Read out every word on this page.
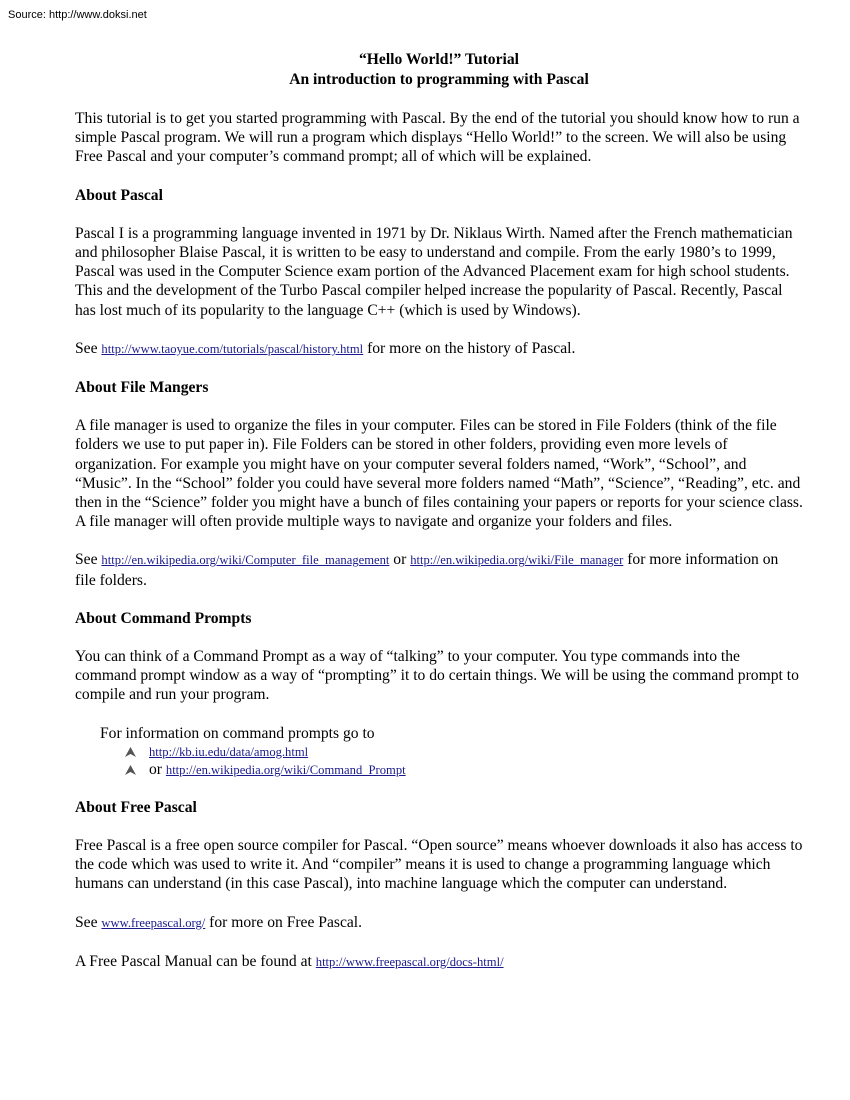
Source: http://www.doksi.net

“Hello World!” Tutorial

An introduction to programming with Pascal

This tutorial is to get you started programming with Pascal. By the end of the tutorial you should know how to run a simple Pascal program. We will run a program which displays “Hello World!” to the screen. We will also be using Free Pascal and your computer’s command prompt; all of which will be explained.

About Pascal

Pascal I is a programming language invented in 1971 by Dr. Niklaus Wirth. Named after the French mathematician and philosopher Blaise Pascal, it is written to be easy to understand and compile. From the early 1980’s to 1999, Pascal was used in the Computer Science exam portion of the Advanced Placement exam for high school students. This and the development of the Turbo Pascal compiler helped increase the popularity of Pascal. Recently, Pascal has lost much of its popularity to the language C++ (which is used by Windows).

See http://www.taoyue.com/tutorials/pascal/history.html for more on the history of Pascal.

About File Mangers

A file manager is used to organize the files in your computer. Files can be stored in File Folders (think of the file folders we use to put paper in). File Folders can be stored in other folders, providing even more levels of organization. For example you might have on your computer several folders named, “Work”, “School”, and “Music”. In the “School” folder you could have several more folders named “Math”, “Science”, “Reading”, etc. and then in the “Science” folder you might have a bunch of files containing your papers or reports for your science class. A file manager will often provide multiple ways to navigate and organize your folders and files.

See http://en.wikipedia.org/wiki/Computer_file_management or http://en.wikipedia.org/wiki/File_manager for more information on file folders.

About Command Prompts

You can think of a Command Prompt as a way of “talking” to your computer. You type commands into the command prompt window as a way of “prompting” it to do certain things. We will be using the command prompt to compile and run your program.

For information on command prompts go to

http://kb.iu.edu/data/amog.html
or http://en.wikipedia.org/wiki/Command_Prompt
About Free Pascal

Free Pascal is a free open source compiler for Pascal. “Open source” means whoever downloads it also has access to the code which was used to write it. And “compiler” means it is used to change a programming language which humans can understand (in this case Pascal), into machine language which the computer can understand.

See www.freepascal.org/ for more on Free Pascal.

A Free Pascal Manual can be found at http://www.freepascal.org/docs-html/
